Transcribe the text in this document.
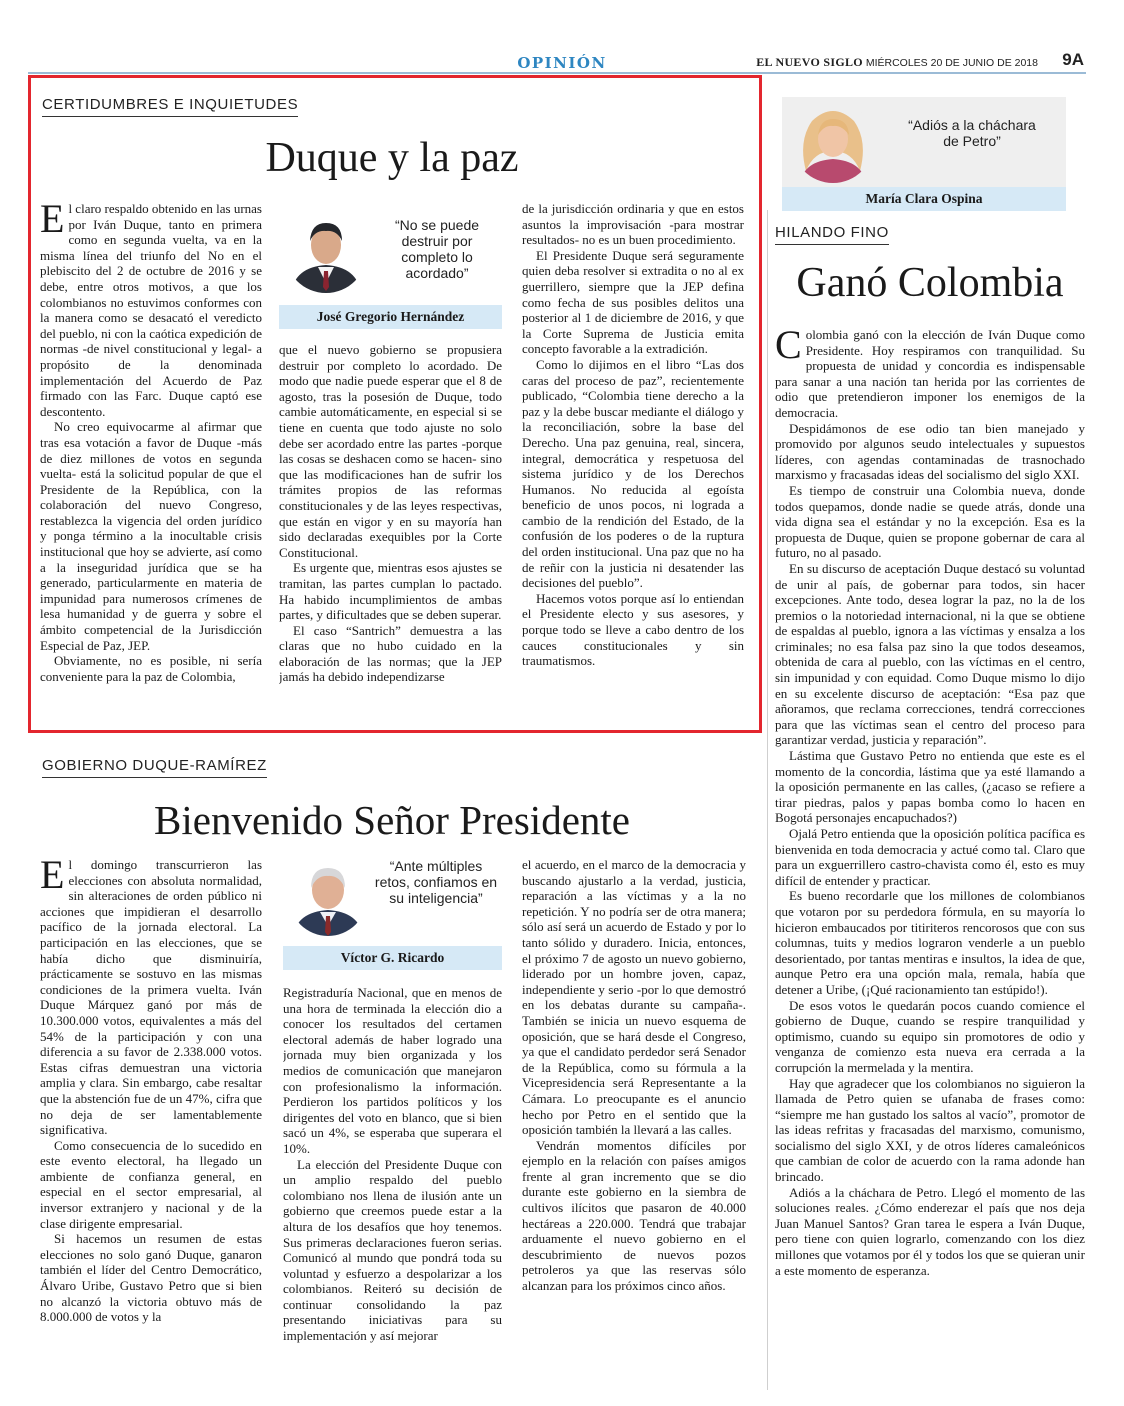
OPINIÓN	EL NUEVO SIGLO MIÉRCOLES 20 DE JUNIO DE 2018 9A
CERTIDUMBRES E INQUIETUDES
Duque y la paz

El claro respaldo obtenido en las urnas por Iván Duque, tanto en primera como en segunda vuelta, va en la misma línea del triunfo del No en el plebiscito del 2 de octubre de 2016 y se debe, entre otros motivos, a que los colombianos no estuvimos conformes con la manera como se desacató el veredicto del pueblo, ni con la caótica expedición de normas -de nivel constitucional y legal- a propósito de la denominada implementación del Acuerdo de Paz firmado con las Farc. Duque captó ese descontento.

No creo equivocarme al afirmar que tras esa votación a favor de Duque -más de diez millones de votos en segunda vuelta- está la solicitud popular de que el Presidente de la República, con la colaboración del nuevo Congreso, restablezca la vigencia del orden jurídico y ponga término a la inocultable crisis institucional que hoy se advierte, así como a la inseguridad jurídica que se ha generado, particularmente en materia de impunidad para numerosos crímenes de lesa humanidad y de guerra y sobre el ámbito competencial de la Jurisdicción Especial de Paz, JEP.

Obviamente, no es posible, ni sería conveniente para la paz de Colombia,

“No se puede destruir por completo lo acordado”
José Gregorio Hernández

que el nuevo gobierno se propusiera destruir por completo lo acordado. De modo que nadie puede esperar que el 8 de agosto, tras la posesión de Duque, todo cambie automáticamente, en especial si se tiene en cuenta que todo ajuste no solo debe ser acordado entre las partes -porque las cosas se deshacen como se hacen- sino que las modificaciones han de sufrir los trámites propios de las reformas constitucionales y de las leyes respectivas, que están en vigor y en su mayoría han sido declaradas exequibles por la Corte Constitucional.

Es urgente que, mientras esos ajustes se tramitan, las partes cumplan lo pactado. Ha habido incumplimientos de ambas partes, y dificultades que se deben superar.

El caso “Santrich” demuestra a las claras que no hubo cuidado en la elaboración de las normas; que la JEP jamás ha debido independizarse

de la jurisdicción ordinaria y que en estos asuntos la improvisación -para mostrar resultados- no es un buen procedimiento.

El Presidente Duque será seguramente quien deba resolver si extradita o no al ex guerrillero, siempre que la JEP defina como fecha de sus posibles delitos una posterior al 1 de diciembre de 2016, y que la Corte Suprema de Justicia emita concepto favorable a la extradición.

Como lo dijimos en el libro “Las dos caras del proceso de paz”, recientemente publicado, “Colombia tiene derecho a la paz y la debe buscar mediante el diálogo y la reconciliación, sobre la base del Derecho. Una paz genuina, real, sincera, integral, democrática y respetuosa del sistema jurídico y de los Derechos Humanos. No reducida al egoísta beneficio de unos pocos, ni lograda a cambio de la rendición del Estado, de la confusión de los poderes o de la ruptura del orden institucional. Una paz que no ha de reñir con la justicia ni desatender las decisiones del pueblo”.

Hacemos votos porque así lo entiendan el Presidente electo y sus asesores, y porque todo se lleve a cabo dentro de los cauces constitucionales y sin traumatismos.

GOBIERNO DUQUE-RAMÍREZ
Bienvenido Señor Presidente

El domingo transcurrieron las elecciones con absoluta normalidad, sin alteraciones de orden público ni acciones que impidieran el desarrollo pacífico de la jornada electoral. La participación en las elecciones, que se había dicho que disminuiría, prácticamente se sostuvo en las mismas condiciones de la primera vuelta. Iván Duque Márquez ganó por más de 10.300.000 votos, equivalentes a más del 54% de la participación y con una diferencia a su favor de 2.338.000 votos. Estas cifras demuestran una victoria amplia y clara. Sin embargo, cabe resaltar que la abstención fue de un 47%, cifra que no deja de ser lamentablemente significativa.

Como consecuencia de lo sucedido en este evento electoral, ha llegado un ambiente de confianza general, en especial en el sector empresarial, al inversor extranjero y nacional y de la clase dirigente empresarial.

Si hacemos un resumen de estas elecciones no solo ganó Duque, ganaron también el líder del Centro Democrático, Álvaro Uribe, Gustavo Petro que si bien no alcanzó la victoria obtuvo más de 8.000.000 de votos y la

“Ante múltiples retos, confiamos en su inteligencia”
Víctor G. Ricardo

Registraduría Nacional, que en menos de una hora de terminada la elección dio a conocer los resultados del certamen electoral además de haber logrado una jornada muy bien organizada y los medios de comunicación que manejaron con profesionalismo la información. Perdieron los partidos políticos y los dirigentes del voto en blanco, que si bien sacó un 4%, se esperaba que superara el 10%.

La elección del Presidente Duque con un amplio respaldo del pueblo colombiano nos llena de ilusión ante un gobierno que creemos puede estar a la altura de los desafíos que hoy tenemos. Sus primeras declaraciones fueron serias. Comunicó al mundo que pondrá toda su voluntad y esfuerzo a despolarizar a los colombianos. Reiteró su decisión de continuar consolidando la paz presentando iniciativas para su implementación y así mejorar

el acuerdo, en el marco de la democracia y buscando ajustarlo a la verdad, justicia, reparación a las víctimas y a la no repetición. Y no podría ser de otra manera; sólo así será un acuerdo de Estado y por lo tanto sólido y duradero. Inicia, entonces, el próximo 7 de agosto un nuevo gobierno, liderado por un hombre joven, capaz, independiente y serio -por lo que demostró en los debatas durante su campaña-. También se inicia un nuevo esquema de oposición, que se hará desde el Congreso, ya que el candidato perdedor será Senador de la República, como su fórmula a la Vicepresidencia será Representante a la Cámara. Lo preocupante es el anuncio hecho por Petro en el sentido que la oposición también la llevará a las calles.

Vendrán momentos difíciles por ejemplo en la relación con países amigos frente al gran incremento que se dio durante este gobierno en la siembra de cultivos ilícitos que pasaron de 40.000 hectáreas a 220.000. Tendrá que trabajar arduamente el nuevo gobierno en el descubrimiento de nuevos pozos petroleros ya que las reservas sólo alcanzan para los próximos cinco años.

“Adiós a la cháchara de Petro”
María Clara Ospina
HILANDO FINO
Ganó Colombia

Colombia ganó con la elección de Iván Duque como Presidente. Hoy respiramos con tranquilidad. Su propuesta de unidad y concordia es indispensable para sanar a una nación tan herida por las corrientes de odio que pretendieron imponer los enemigos de la democracia.

Despidámonos de ese odio tan bien manejado y promovido por algunos seudo intelectuales y supuestos líderes, con agendas contaminadas de trasnochado marxismo y fracasadas ideas del socialismo del siglo XXI.

Es tiempo de construir una Colombia nueva, donde todos quepamos, donde nadie se quede atrás, donde una vida digna sea el estándar y no la excepción. Esa es la propuesta de Duque, quien se propone gobernar de cara al futuro, no al pasado.

En su discurso de aceptación Duque destacó su voluntad de unir al país, de gobernar para todos, sin hacer excepciones. Ante todo, desea lograr la paz, no la de los premios o la notoriedad internacional, ni la que se obtiene de espaldas al pueblo, ignora a las víctimas y ensalza a los criminales; no esa falsa paz sino la que todos deseamos, obtenida de cara al pueblo, con las víctimas en el centro, sin impunidad y con equidad. Como Duque mismo lo dijo en su excelente discurso de aceptación: “Esa paz que añoramos, que reclama correcciones, tendrá correcciones para que las víctimas sean el centro del proceso para garantizar verdad, justicia y reparación”.

Lástima que Gustavo Petro no entienda que este es el momento de la concordia, lástima que ya esté llamando a la oposición permanente en las calles, (¿acaso se refiere a tirar piedras, palos y papas bomba como lo hacen en Bogotá personajes encapuchados?)

Ojalá Petro entienda que la oposición política pacífica es bienvenida en toda democracia y actué como tal. Claro que para un exguerrillero castro-chavista como él, esto es muy difícil de entender y practicar.

Es bueno recordarle que los millones de colombianos que votaron por su perdedora fórmula, en su mayoría lo hicieron embaucados por titiriteros rencorosos que con sus columnas, tuits y medios lograron venderle a un pueblo desorientado, por tantas mentiras e insultos, la idea de que, aunque Petro era una opción mala, remala, había que detener a Uribe, (¡Qué racionamiento tan estúpido!).

De esos votos le quedarán pocos cuando comience el gobierno de Duque, cuando se respire tranquilidad y optimismo, cuando su equipo sin promotores de odio y venganza de comienzo esta nueva era cerrada a la corrupción la mermelada y la mentira.

Hay que agradecer que los colombianos no siguieron la llamada de Petro quien se ufanaba de frases como: “siempre me han gustado los saltos al vacío”, promotor de las ideas refritas y fracasadas del marxismo, comunismo, socialismo del siglo XXI, y de otros líderes camaleónicos que cambian de color de acuerdo con la rama adonde han brincado.

Adiós a la cháchara de Petro. Llegó el momento de las soluciones reales. ¿Cómo enderezar el país que nos deja Juan Manuel Santos? Gran tarea le espera a Iván Duque, pero tiene con quien lograrlo, comenzando con los diez millones que votamos por él y todos los que se quieran unir a este momento de esperanza.
